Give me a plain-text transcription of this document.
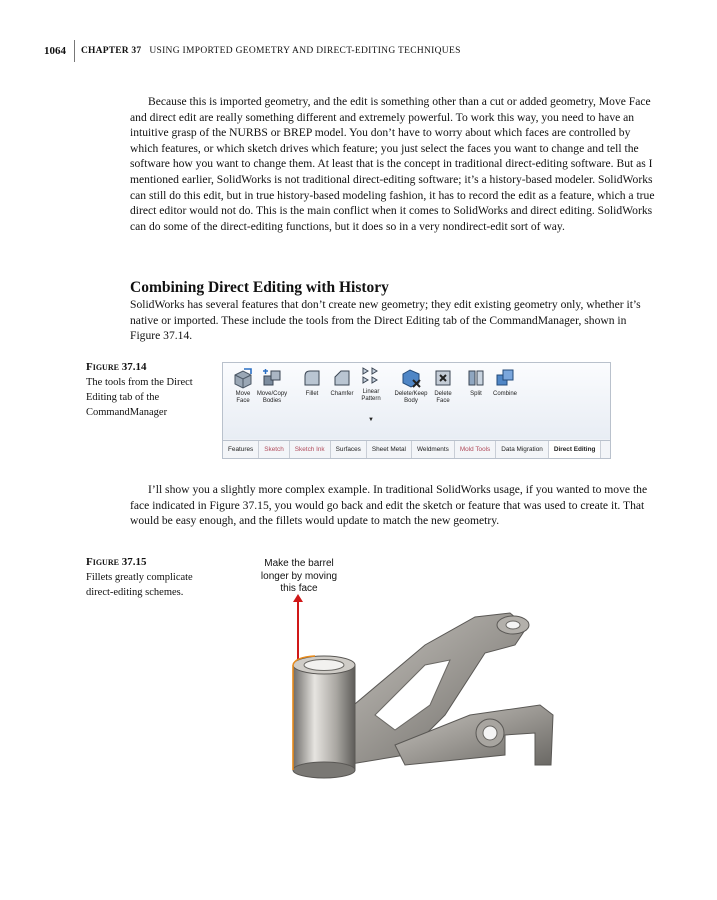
1064 CHAPTER 37 USING IMPORTED GEOMETRY AND DIRECT-EDITING TECHNIQUES

Because this is imported geometry, and the edit is something other than a cut or added geometry, Move Face and direct edit are really something different and extremely powerful. To work this way, you need to have an intuitive grasp of the NURBS or BREP model. You don’t have to worry about which faces are controlled by which features, or which sketch drives which feature; you just select the faces you want to change and tell the software how you want to change them. At least that is the concept in traditional direct-editing software. But as I mentioned earlier, SolidWorks is not traditional direct-editing software; it’s a history-based modeler. SolidWorks can still do this edit, but in true history-based modeling fashion, it has to record the edit as a feature, which a true direct editor would not do. This is the main conflict when it comes to SolidWorks and direct editing. SolidWorks can do some of the direct-editing functions, but it does so in a very nondirect-edit sort of way.

Combining Direct Editing with History

SolidWorks has several features that don’t create new geometry; they edit existing geometry only, whether it’s native or imported. These include the tools from the Direct Editing tab of the CommandManager, shown in Figure 37.14.

Figure 37.14
The tools from the Direct Editing tab of the CommandManager
Move
Face
Move/Copy
Bodies
Fillet	Chamfer	Linear
Pattern
▼
Delete/Keep
Body
Delete
Face
Split	Combine
Features	Sketch	Sketch Ink	Surfaces	Sheet Metal	Weldments	Mold Tools	Data Migration	Direct Editing

I’ll show you a slightly more complex example. In traditional SolidWorks usage, if you wanted to move the face indicated in Figure 37.15, you would go back and edit the sketch or feature that was used to create it. That would be easy enough, and the fillets would update to match the new geometry.

Figure 37.15
Fillets greatly complicate direct-editing schemes.
Make the barrel longer by moving this face
